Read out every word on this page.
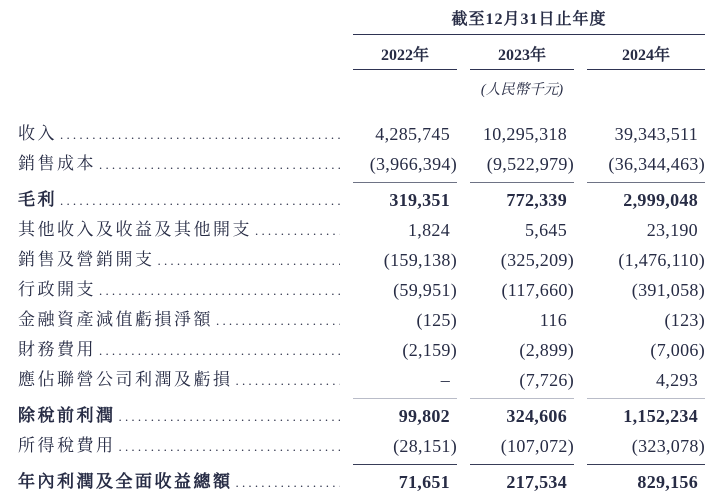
截至12月31日止年度
2022年	2023年	2024年
(人民幣千元)
收入 .....	4,285,745	10,295,318	39,343,511
銷售成本 .....	(3,966,394)	(9,522,979)	(36,344,463)
毛利 .....	319,351	772,339	2,999,048
其他收入及收益及其他開支 .....	1,824	5,645	23,190
銷售及營銷開支 .....	(159,138)	(325,209)	(1,476,110)
行政開支 .....	(59,951)	(117,660)	(391,058)
金融資產減值虧損淨額 .....	(125)	116	(123)
財務費用 .....	(2,159)	(2,899)	(7,006)
應佔聯營公司利潤及虧損 .....	–	(7,726)	4,293
除稅前利潤 .....	99,802	324,606	1,152,234
所得稅費用 .....	(28,151)	(107,072)	(323,078)
年內利潤及全面收益總額 .....	71,651	217,534	829,156
